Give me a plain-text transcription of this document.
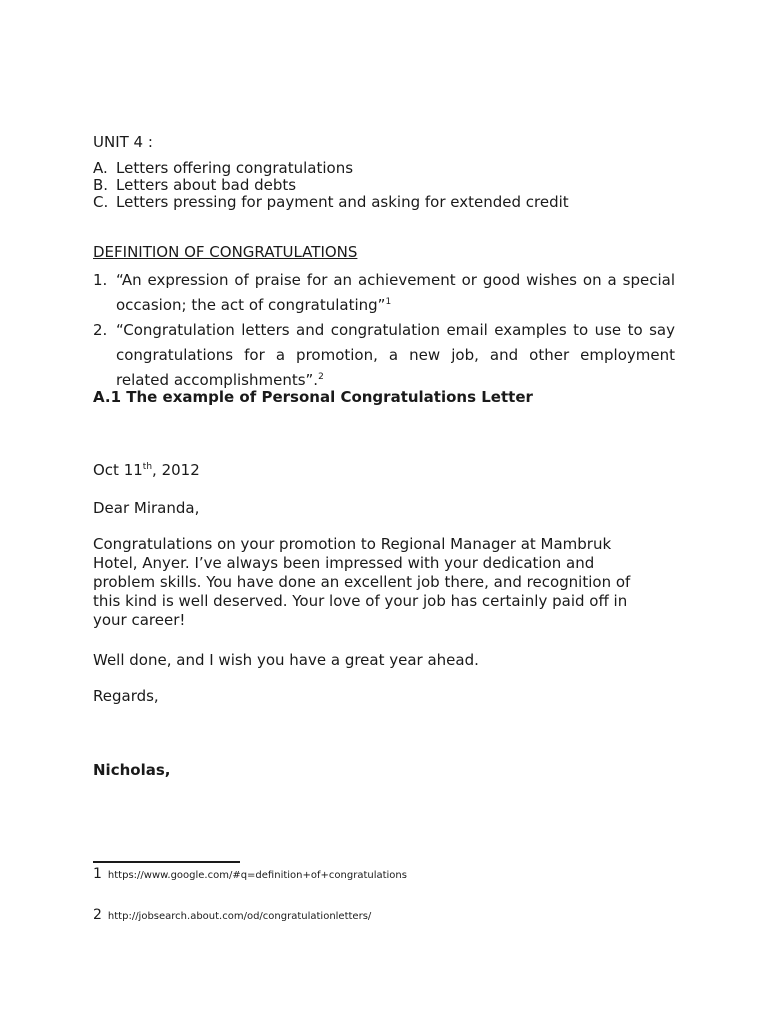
UNIT 4 :
A. Letters offering congratulations
B. Letters about bad debts
C. Letters pressing for payment and asking for extended credit
DEFINITION OF CONGRATULATIONS
1. “An expression of praise for an achievement or good wishes on a special occasion; the act of congratulating”$^1$
2. “Congratulation letters and congratulation email examples to use to say congratulations for a promotion, a new job, and other employment related accomplishments”.$^2$
A.1 The example of Personal Congratulations Letter
Oct 11th, 2012
Dear Miranda,
Congratulations on your promotion to Regional Manager at Mambruk Hotel, Anyer. I’ve always been impressed with your dedication and problem skills. You have done an excellent job there, and recognition of this kind is well deserved. Your love of your job has certainly paid off in your career!
Well done, and I wish you have a great year ahead.
Regards,
Nicholas,
1 https://www.google.com/#q=definition+of+congratulations
2 http://jobsearch.about.com/od/congratulationletters/
